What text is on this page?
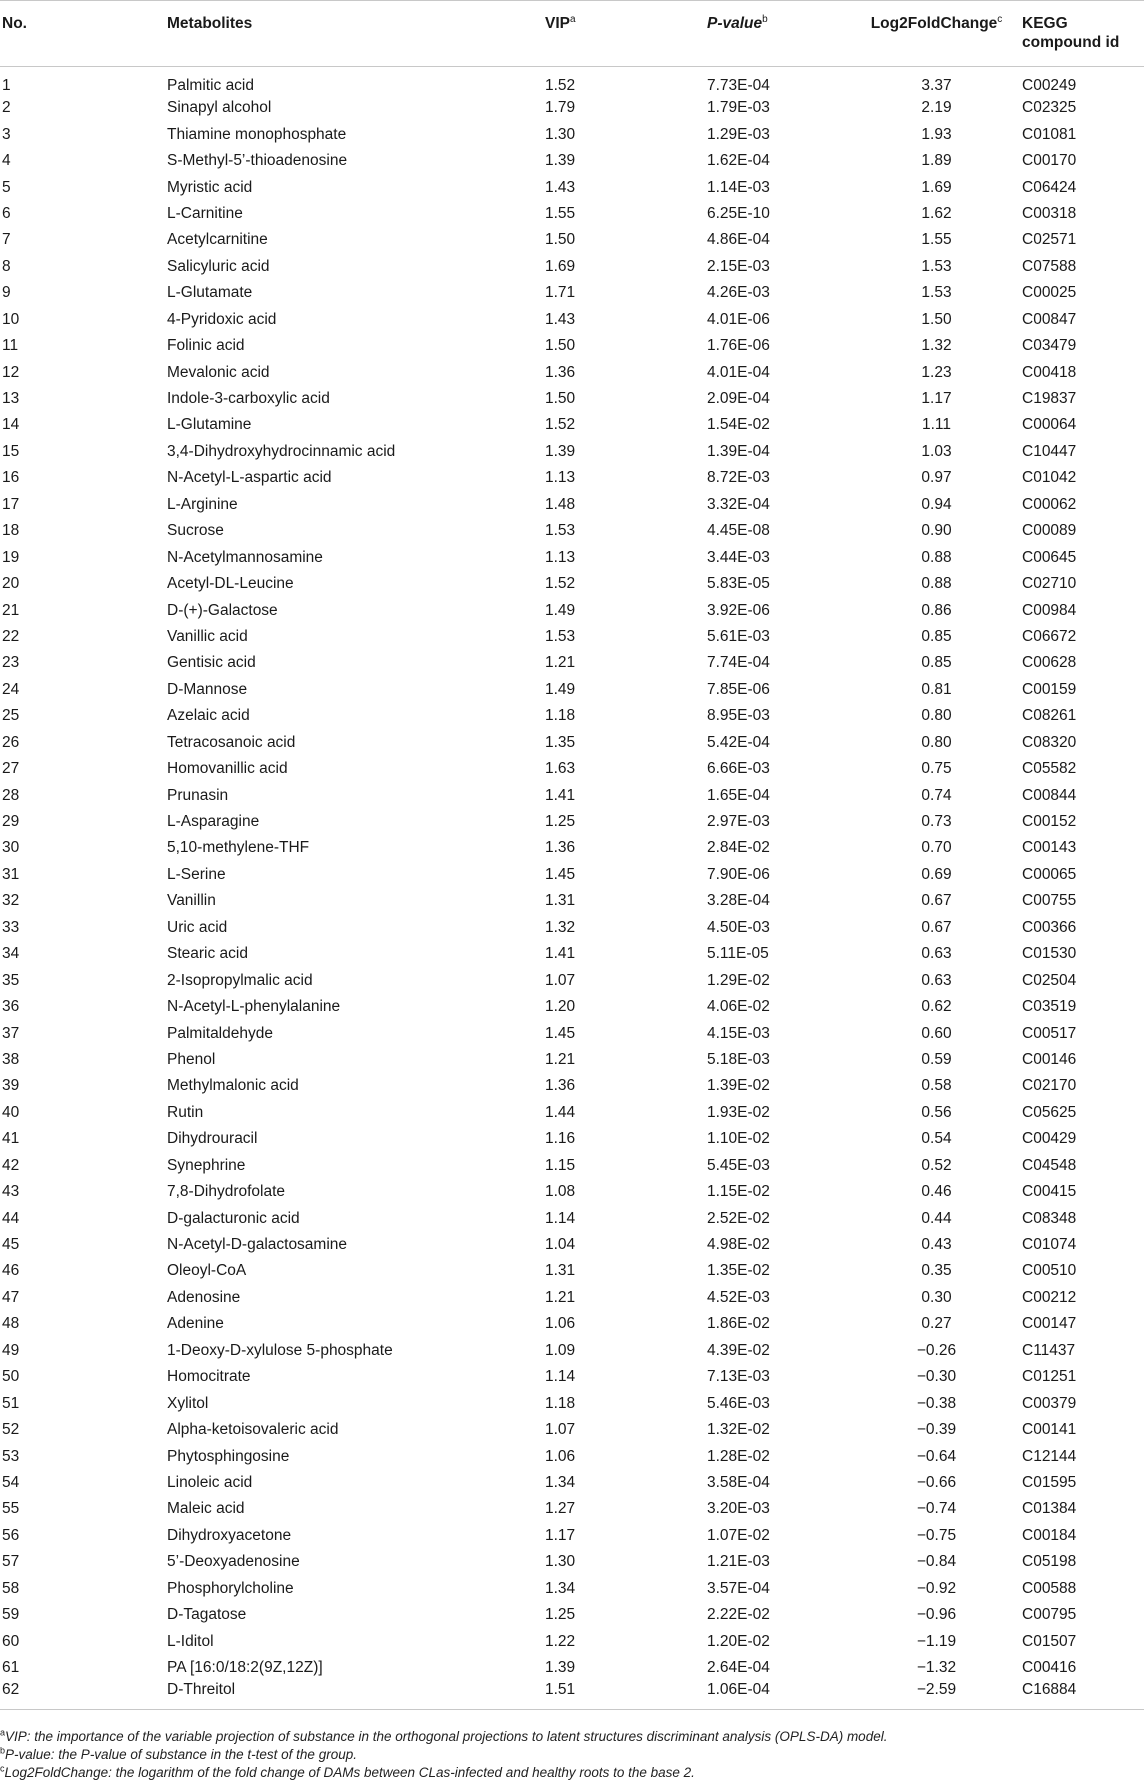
No.	Metabolites	VIP$^a$	P-value$^b$	Log2FoldChange$^c$	KEGG
compound id
1	Palmitic acid	1.52	7.73E-04	3.37	C00249
2	Sinapyl alcohol	1.79	1.79E-03	2.19	C02325
3	Thiamine monophosphate	1.30	1.29E-03	1.93	C01081
4	S-Methyl-5’-thioadenosine	1.39	1.62E-04	1.89	C00170
5	Myristic acid	1.43	1.14E-03	1.69	C06424
6	L-Carnitine	1.55	6.25E-10	1.62	C00318
7	Acetylcarnitine	1.50	4.86E-04	1.55	C02571
8	Salicyluric acid	1.69	2.15E-03	1.53	C07588
9	L-Glutamate	1.71	4.26E-03	1.53	C00025
10	4-Pyridoxic acid	1.43	4.01E-06	1.50	C00847
11	Folinic acid	1.50	1.76E-06	1.32	C03479
12	Mevalonic acid	1.36	4.01E-04	1.23	C00418
13	Indole-3-carboxylic acid	1.50	2.09E-04	1.17	C19837
14	L-Glutamine	1.52	1.54E-02	1.11	C00064
15	3,4-Dihydroxyhydrocinnamic acid	1.39	1.39E-04	1.03	C10447
16	N-Acetyl-L-aspartic acid	1.13	8.72E-03	0.97	C01042
17	L-Arginine	1.48	3.32E-04	0.94	C00062
18	Sucrose	1.53	4.45E-08	0.90	C00089
19	N-Acetylmannosamine	1.13	3.44E-03	0.88	C00645
20	Acetyl-DL-Leucine	1.52	5.83E-05	0.88	C02710
21	D-(+)-Galactose	1.49	3.92E-06	0.86	C00984
22	Vanillic acid	1.53	5.61E-03	0.85	C06672
23	Gentisic acid	1.21	7.74E-04	0.85	C00628
24	D-Mannose	1.49	7.85E-06	0.81	C00159
25	Azelaic acid	1.18	8.95E-03	0.80	C08261
26	Tetracosanoic acid	1.35	5.42E-04	0.80	C08320
27	Homovanillic acid	1.63	6.66E-03	0.75	C05582
28	Prunasin	1.41	1.65E-04	0.74	C00844
29	L-Asparagine	1.25	2.97E-03	0.73	C00152
30	5,10-methylene-THF	1.36	2.84E-02	0.70	C00143
31	L-Serine	1.45	7.90E-06	0.69	C00065
32	Vanillin	1.31	3.28E-04	0.67	C00755
33	Uric acid	1.32	4.50E-03	0.67	C00366
34	Stearic acid	1.41	5.11E-05	0.63	C01530
35	2-Isopropylmalic acid	1.07	1.29E-02	0.63	C02504
36	N-Acetyl-L-phenylalanine	1.20	4.06E-02	0.62	C03519
37	Palmitaldehyde	1.45	4.15E-03	0.60	C00517
38	Phenol	1.21	5.18E-03	0.59	C00146
39	Methylmalonic acid	1.36	1.39E-02	0.58	C02170
40	Rutin	1.44	1.93E-02	0.56	C05625
41	Dihydrouracil	1.16	1.10E-02	0.54	C00429
42	Synephrine	1.15	5.45E-03	0.52	C04548
43	7,8-Dihydrofolate	1.08	1.15E-02	0.46	C00415
44	D-galacturonic acid	1.14	2.52E-02	0.44	C08348
45	N-Acetyl-D-galactosamine	1.04	4.98E-02	0.43	C01074
46	Oleoyl-CoA	1.31	1.35E-02	0.35	C00510
47	Adenosine	1.21	4.52E-03	0.30	C00212
48	Adenine	1.06	1.86E-02	0.27	C00147
49	1-Deoxy-D-xylulose 5-phosphate	1.09	4.39E-02	−0.26	C11437
50	Homocitrate	1.14	7.13E-03	−0.30	C01251
51	Xylitol	1.18	5.46E-03	−0.38	C00379
52	Alpha-ketoisovaleric acid	1.07	1.32E-02	−0.39	C00141
53	Phytosphingosine	1.06	1.28E-02	−0.64	C12144
54	Linoleic acid	1.34	3.58E-04	−0.66	C01595
55	Maleic acid	1.27	3.20E-03	−0.74	C01384
56	Dihydroxyacetone	1.17	1.07E-02	−0.75	C00184
57	5’-Deoxyadenosine	1.30	1.21E-03	−0.84	C05198
58	Phosphorylcholine	1.34	3.57E-04	−0.92	C00588
59	D-Tagatose	1.25	2.22E-02	−0.96	C00795
60	L-Iditol	1.22	1.20E-02	−1.19	C01507
61	PA [16:0/18:2(9Z,12Z)]	1.39	2.64E-04	−1.32	C00416
62	D-Threitol	1.51	1.06E-04	−2.59	C16884

$^a$VIP: the importance of the variable projection of substance in the orthogonal projections to latent structures discriminant analysis (OPLS-DA) model.

$^b$P-value: the P-value of substance in the t-test of the group.

$^c$Log2FoldChange: the logarithm of the fold change of DAMs between CLas-infected and healthy roots to the base 2.
